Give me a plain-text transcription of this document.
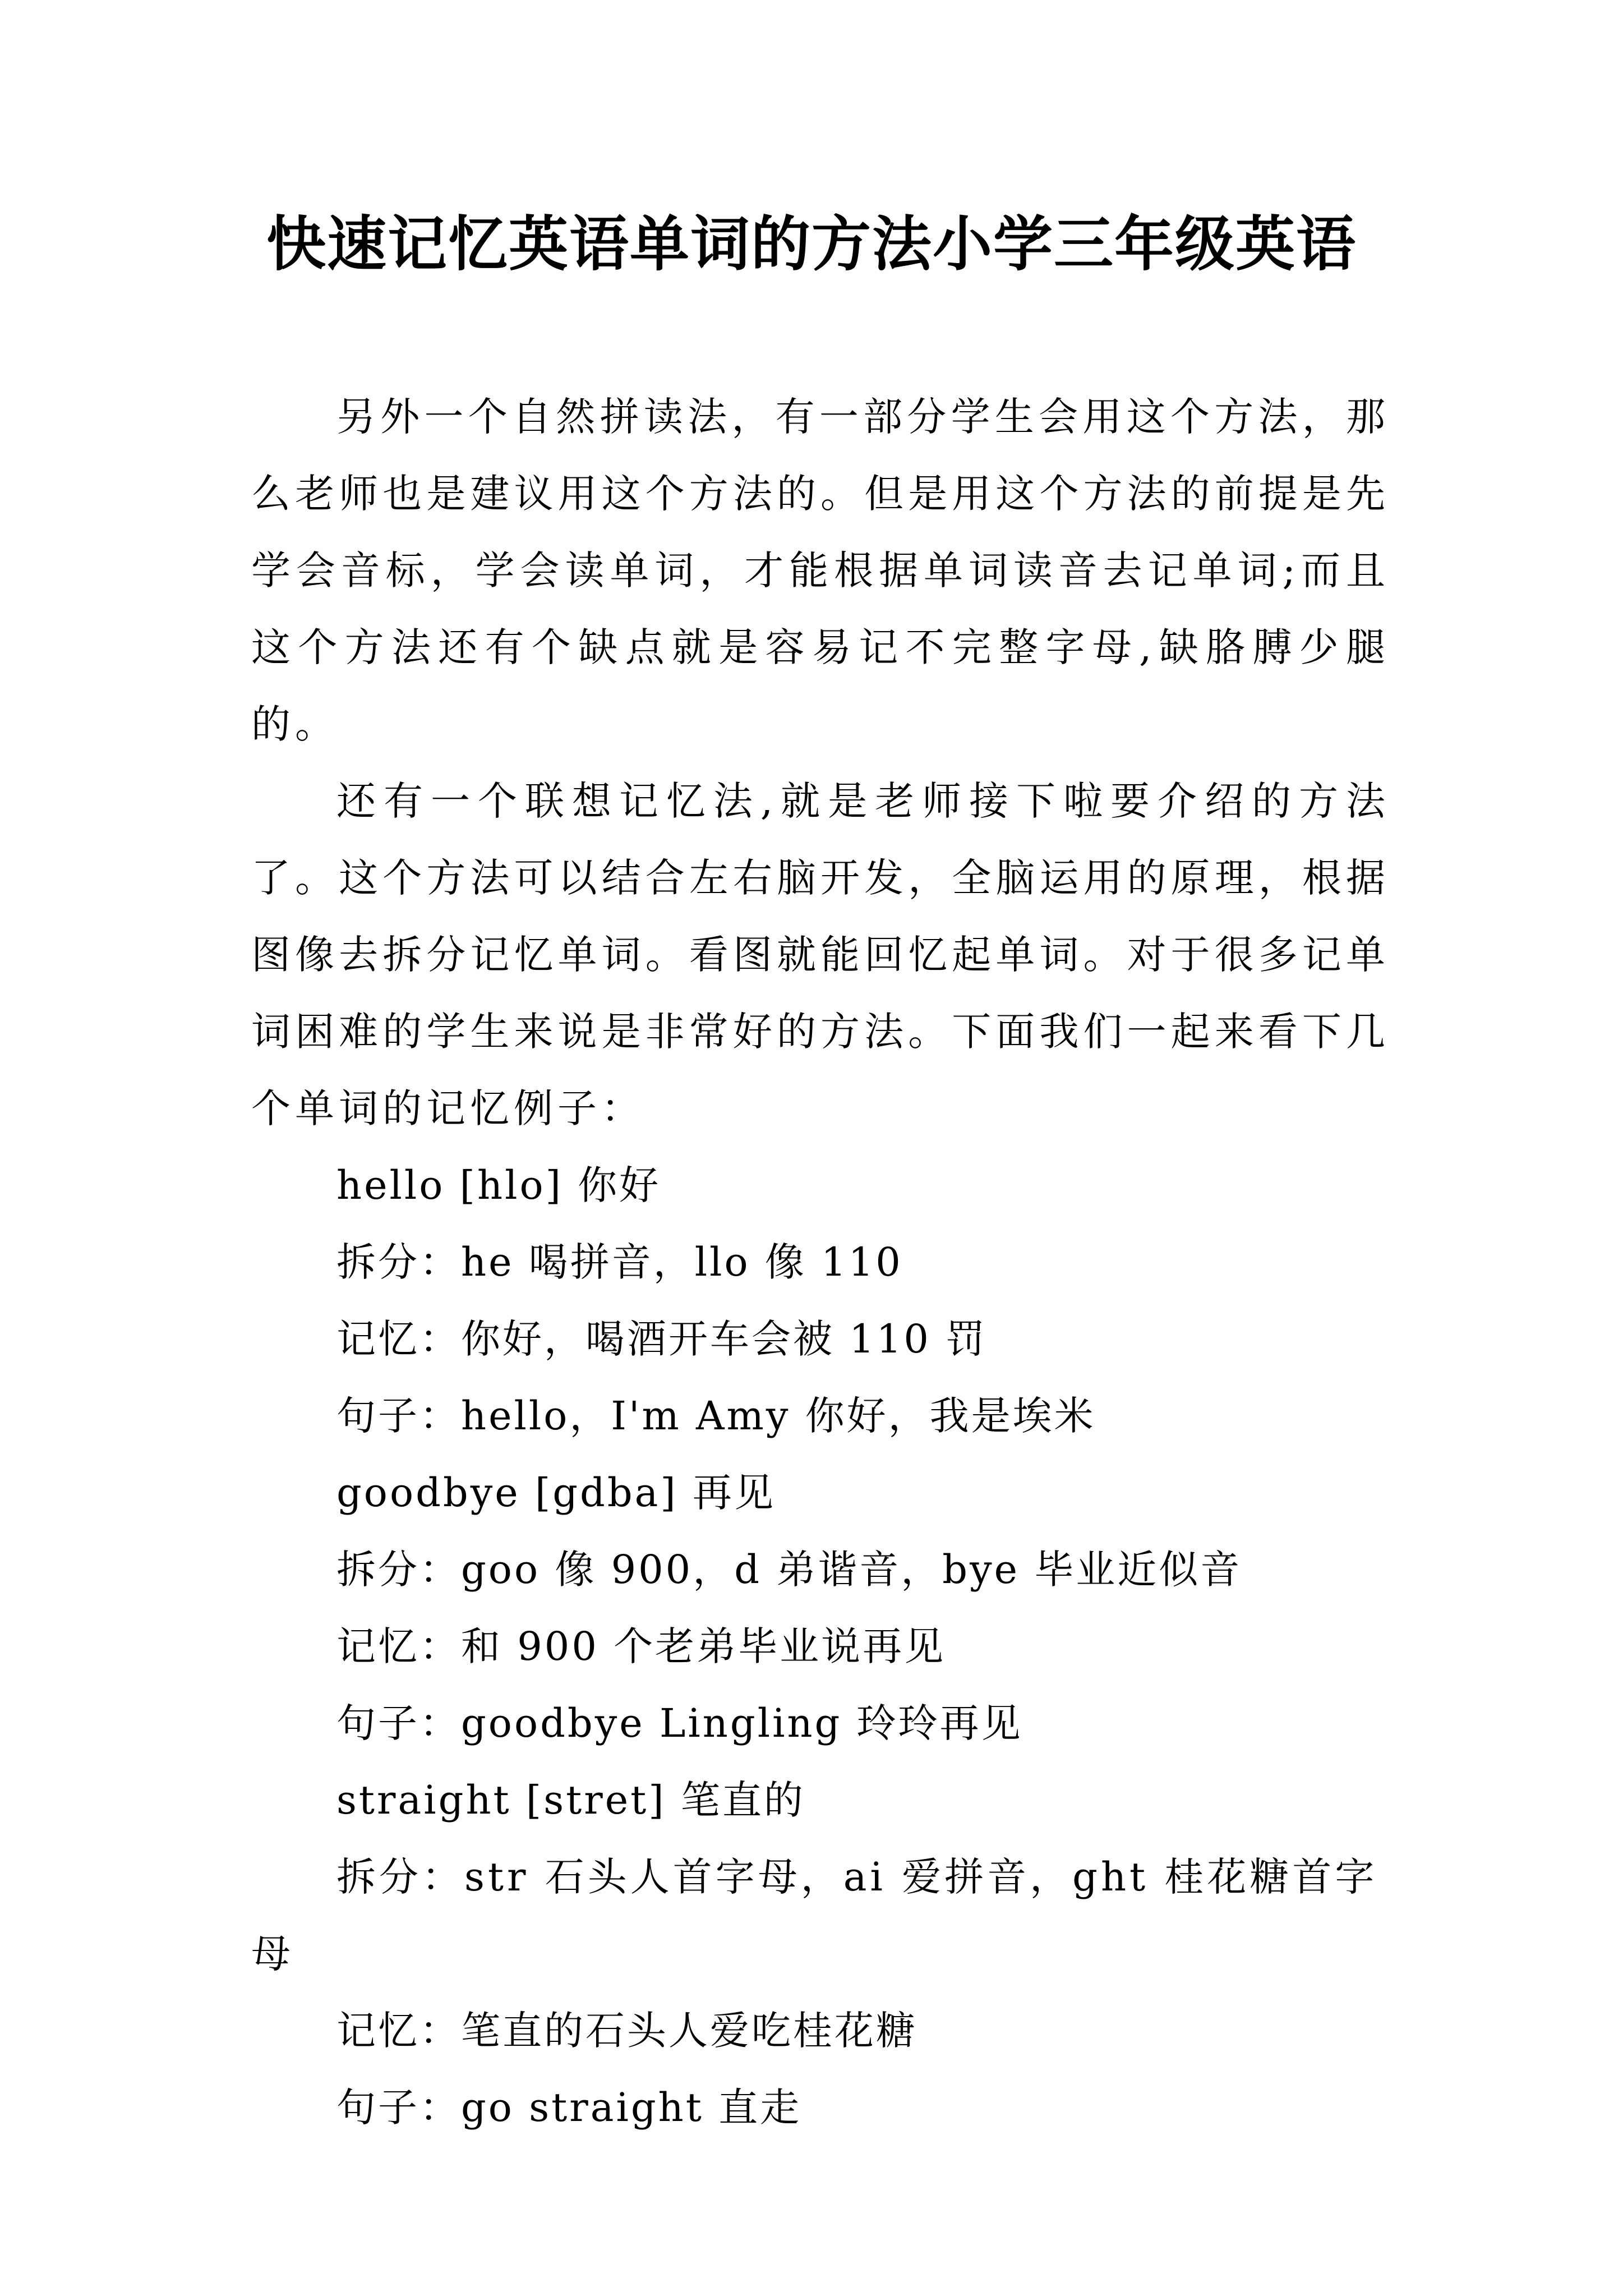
快速记忆英语单词的方法小学三年级英语

另外一个自然拼读法，有一部分学生会用这个方法，那么老师也是建议用这个方法的。但是用这个方法的前提是先学会音标，学会读单词，才能根据单词读音去记单词;而且这个方法还有个缺点就是容易记不完整字母,缺胳膊少腿的。

还有一个联想记忆法,就是老师接下啦要介绍的方法了。这个方法可以结合左右脑开发，全脑运用的原理，根据图像去拆分记忆单词。看图就能回忆起单词。对于很多记单词困难的学生来说是非常好的方法。下面我们一起来看下几个单词的记忆例子：

hello [hlo] 你好

拆分：he 喝拼音，llo 像 110

记忆：你好，喝酒开车会被 110 罚

句子：hello，I'm Amy 你好，我是埃米

goodbye [gdba] 再见

拆分：goo 像 900，d 弟谐音，bye 毕业近似音

记忆：和 900 个老弟毕业说再见

句子：goodbye Lingling 玲玲再见

straight [stret] 笔直的

拆分：str 石头人首字母，ai 爱拼音，ght 桂花糖首字母

记忆：笔直的石头人爱吃桂花糖

句子：go straight 直走
